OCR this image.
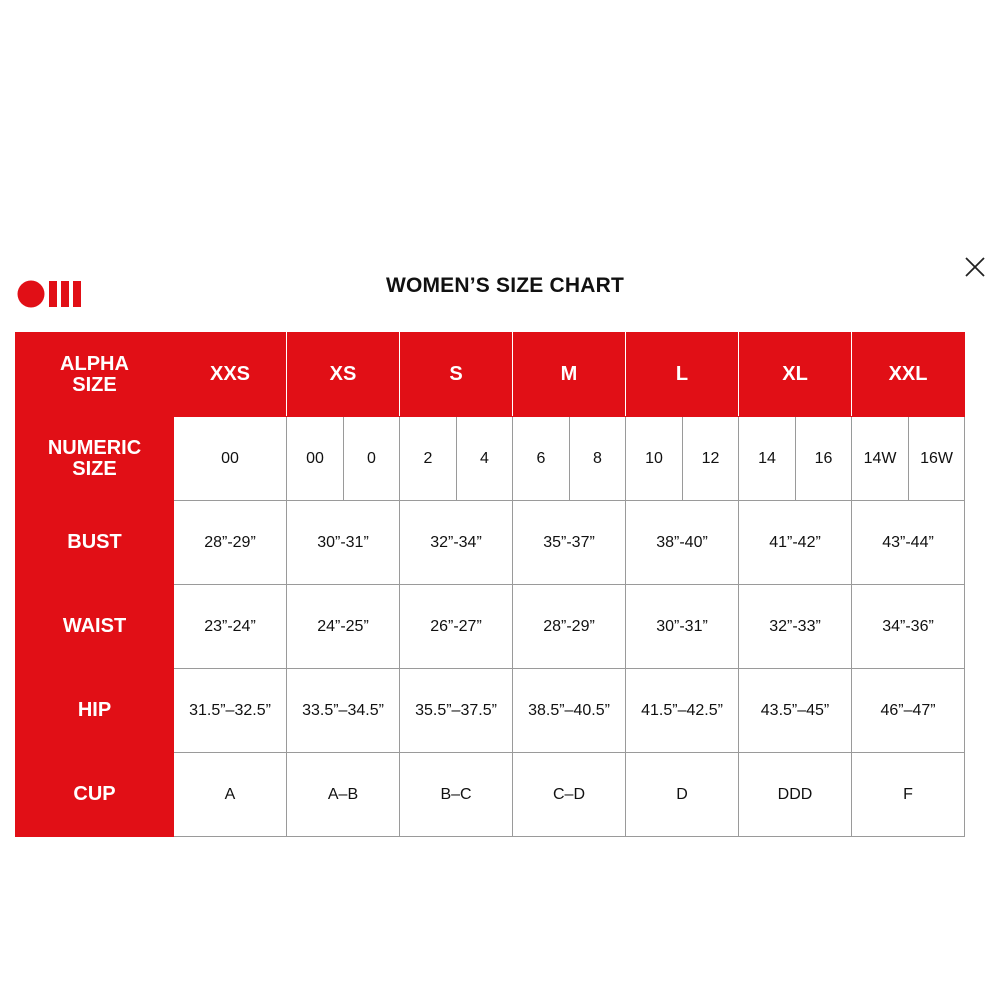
WOMEN’S SIZE CHART
ALPHA SIZE	XXS	XS		S		M		L		XL		XXL	

NUMERIC SIZE	00	00	0	2	4	6	8	10	12	14	16	14W	16W
BUST	28”-29”	30”-31”		32”-34”		35”-37”		38”-40”		41”-42”		43”-44”	
WAIST	23”-24”	24”-25”		26”-27”		28”-29”		30”-31”		32”-33”		34”-36”	
HIP	31.5”–32.5”	33.5”–34.5”		35.5”–37.5”		38.5”–40.5”		41.5”–42.5”		43.5”–45”		46”–47”	
CUP	A	A–B		B–C		C–D		D		DDD		F	
